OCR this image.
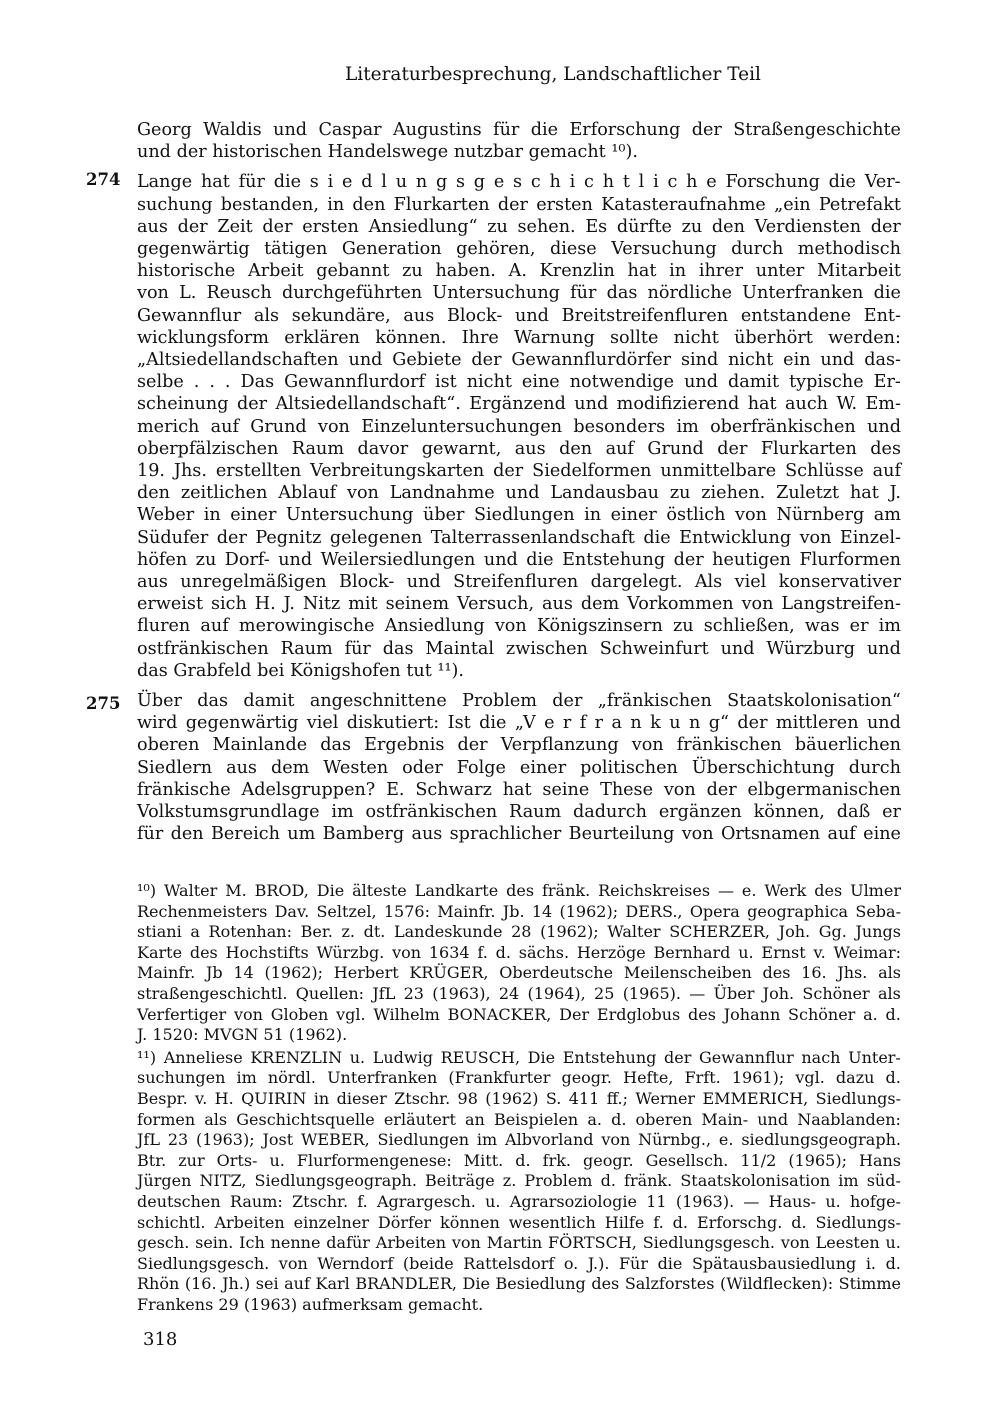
Literaturbesprechung, Landschaftlicher Teil
274
275
Georg Waldis und Caspar Augustins für die Erforschung der Straßengeschichte
und der historischen Handelswege nutzbar gemacht ¹⁰).
Lange hat für die s i e d l u n g s g e s c h i c h t l i c h e Forschung die Ver-
suchung bestanden, in den Flurkarten der ersten Katasteraufnahme „ein Petrefakt
aus der Zeit der ersten Ansiedlung“ zu sehen. Es dürfte zu den Verdiensten der
gegenwärtig tätigen Generation gehören, diese Versuchung durch methodisch
historische Arbeit gebannt zu haben. A. Krenzlin hat in ihrer unter Mitarbeit
von L. Reusch durchgeführten Untersuchung für das nördliche Unterfranken die
Gewannflur als sekundäre, aus Block- und Breitstreifenfluren entstandene Ent-
wicklungsform erklären können. Ihre Warnung sollte nicht überhört werden:
„Altsiedellandschaften und Gebiete der Gewannflurdörfer sind nicht ein und das-
selbe . . . Das Gewannflurdorf ist nicht eine notwendige und damit typische Er-
scheinung der Altsiedellandschaft“. Ergänzend und modifizierend hat auch W. Em-
merich auf Grund von Einzeluntersuchungen besonders im oberfränkischen und
oberpfälzischen Raum davor gewarnt, aus den auf Grund der Flurkarten des
19. Jhs. erstellten Verbreitungskarten der Siedelformen unmittelbare Schlüsse auf
den zeitlichen Ablauf von Landnahme und Landausbau zu ziehen. Zuletzt hat J.
Weber in einer Untersuchung über Siedlungen in einer östlich von Nürnberg am
Südufer der Pegnitz gelegenen Talterrassenlandschaft die Entwicklung von Einzel-
höfen zu Dorf- und Weilersiedlungen und die Entstehung der heutigen Flurformen
aus unregelmäßigen Block- und Streifenfluren dargelegt. Als viel konservativer
erweist sich H. J. Nitz mit seinem Versuch, aus dem Vorkommen von Langstreifen-
fluren auf merowingische Ansiedlung von Königszinsern zu schließen, was er im
ostfränkischen Raum für das Maintal zwischen Schweinfurt und Würzburg und
das Grabfeld bei Königshofen tut ¹¹).
Über das damit angeschnittene Problem der „fränkischen Staatskolonisation“
wird gegenwärtig viel diskutiert: Ist die „V e r f r a n k u n g“ der mittleren und
oberen Mainlande das Ergebnis der Verpflanzung von fränkischen bäuerlichen
Siedlern aus dem Westen oder Folge einer politischen Überschichtung durch
fränkische Adelsgruppen? E. Schwarz hat seine These von der elbgermanischen
Volkstumsgrundlage im ostfränkischen Raum dadurch ergänzen können, daß er
für den Bereich um Bamberg aus sprachlicher Beurteilung von Ortsnamen auf eine
¹⁰) Walter M. BROD, Die älteste Landkarte des fränk. Reichskreises — e. Werk des Ulmer
Rechenmeisters Dav. Seltzel, 1576: Mainfr. Jb. 14 (1962); DERS., Opera geographica Seba-
stiani a Rotenhan: Ber. z. dt. Landeskunde 28 (1962); Walter SCHERZER, Joh. Gg. Jungs
Karte des Hochstifts Würzbg. von 1634 f. d. sächs. Herzöge Bernhard u. Ernst v. Weimar:
Mainfr. Jb 14 (1962); Herbert KRÜGER, Oberdeutsche Meilenscheiben des 16. Jhs. als
straßengeschichtl. Quellen: JfL 23 (1963), 24 (1964), 25 (1965). — Über Joh. Schöner als
Verfertiger von Globen vgl. Wilhelm BONACKER, Der Erdglobus des Johann Schöner a. d.
J. 1520: MVGN 51 (1962).
¹¹) Anneliese KRENZLIN u. Ludwig REUSCH, Die Entstehung der Gewannflur nach Unter-
suchungen im nördl. Unterfranken (Frankfurter geogr. Hefte, Frft. 1961); vgl. dazu d.
Bespr. v. H. QUIRIN in dieser Ztschr. 98 (1962) S. 411 ff.; Werner EMMERICH, Siedlungs-
formen als Geschichtsquelle erläutert an Beispielen a. d. oberen Main- und Naablanden:
JfL 23 (1963); Jost WEBER, Siedlungen im Albvorland von Nürnbg., e. siedlungsgeograph.
Btr. zur Orts- u. Flurformengenese: Mitt. d. frk. geogr. Gesellsch. 11/2 (1965); Hans
Jürgen NITZ, Siedlungsgeograph. Beiträge z. Problem d. fränk. Staatskolonisation im süd-
deutschen Raum: Ztschr. f. Agrargesch. u. Agrarsoziologie 11 (1963). — Haus- u. hofge-
schichtl. Arbeiten einzelner Dörfer können wesentlich Hilfe f. d. Erforschg. d. Siedlungs-
gesch. sein. Ich nenne dafür Arbeiten von Martin FÖRTSCH, Siedlungsgesch. von Leesten u.
Siedlungsgesch. von Werndorf (beide Rattelsdorf o. J.). Für die Spätausbausiedlung i. d.
Rhön (16. Jh.) sei auf Karl BRANDLER, Die Besiedlung des Salzforstes (Wildflecken): Stimme
Frankens 29 (1963) aufmerksam gemacht.
318
